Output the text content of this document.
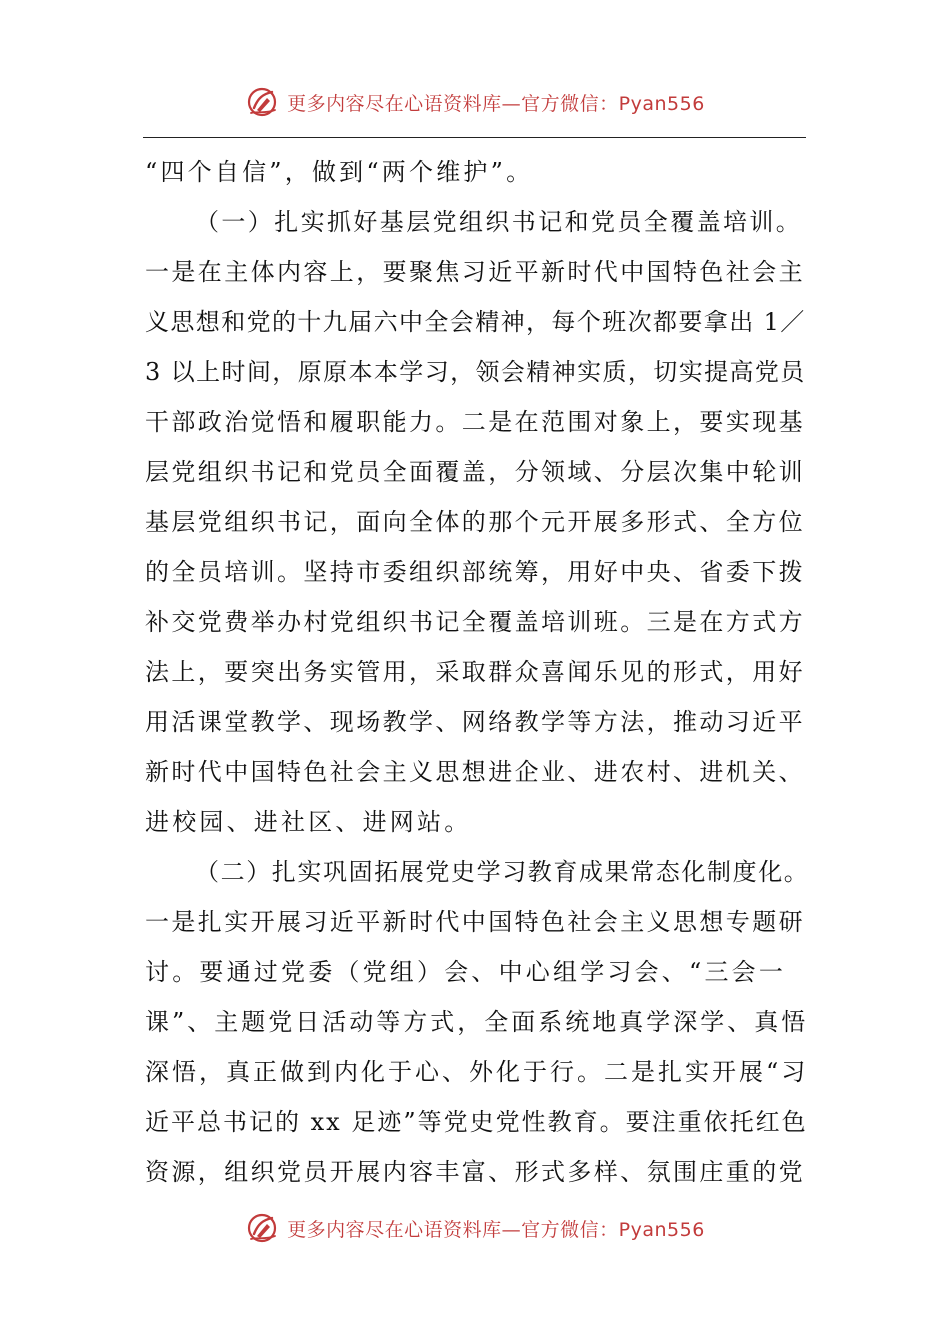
更多内容尽在心语资料库—官方微信：Pyan556
“四个自信”，做到“两个维护”。
（一）扎实抓好基层党组织书记和党员全覆盖培训。
一是在主体内容上，要聚焦习近平新时代中国特色社会主
义思想和党的十九届六中全会精神，每个班次都要拿出 1／
3 以上时间，原原本本学习，领会精神实质，切实提高党员
干部政治觉悟和履职能力。二是在范围对象上，要实现基
层党组织书记和党员全面覆盖，分领域、分层次集中轮训
基层党组织书记，面向全体的那个元开展多形式、全方位
的全员培训。坚持市委组织部统筹，用好中央、省委下拨
补交党费举办村党组织书记全覆盖培训班。三是在方式方
法上，要突出务实管用，采取群众喜闻乐见的形式，用好
用活课堂教学、现场教学、网络教学等方法，推动习近平
新时代中国特色社会主义思想进企业、进农村、进机关、
进校园、进社区、进网站。
（二）扎实巩固拓展党史学习教育成果常态化制度化。
一是扎实开展习近平新时代中国特色社会主义思想专题研
讨。要通过党委（党组）会、中心组学习会、“三会一
课”、主题党日活动等方式，全面系统地真学深学、真悟
深悟，真正做到内化于心、外化于行。二是扎实开展“习
近平总书记的 xx 足迹”等党史党性教育。要注重依托红色
资源，组织党员开展内容丰富、形式多样、氛围庄重的党
更多内容尽在心语资料库—官方微信：Pyan556
